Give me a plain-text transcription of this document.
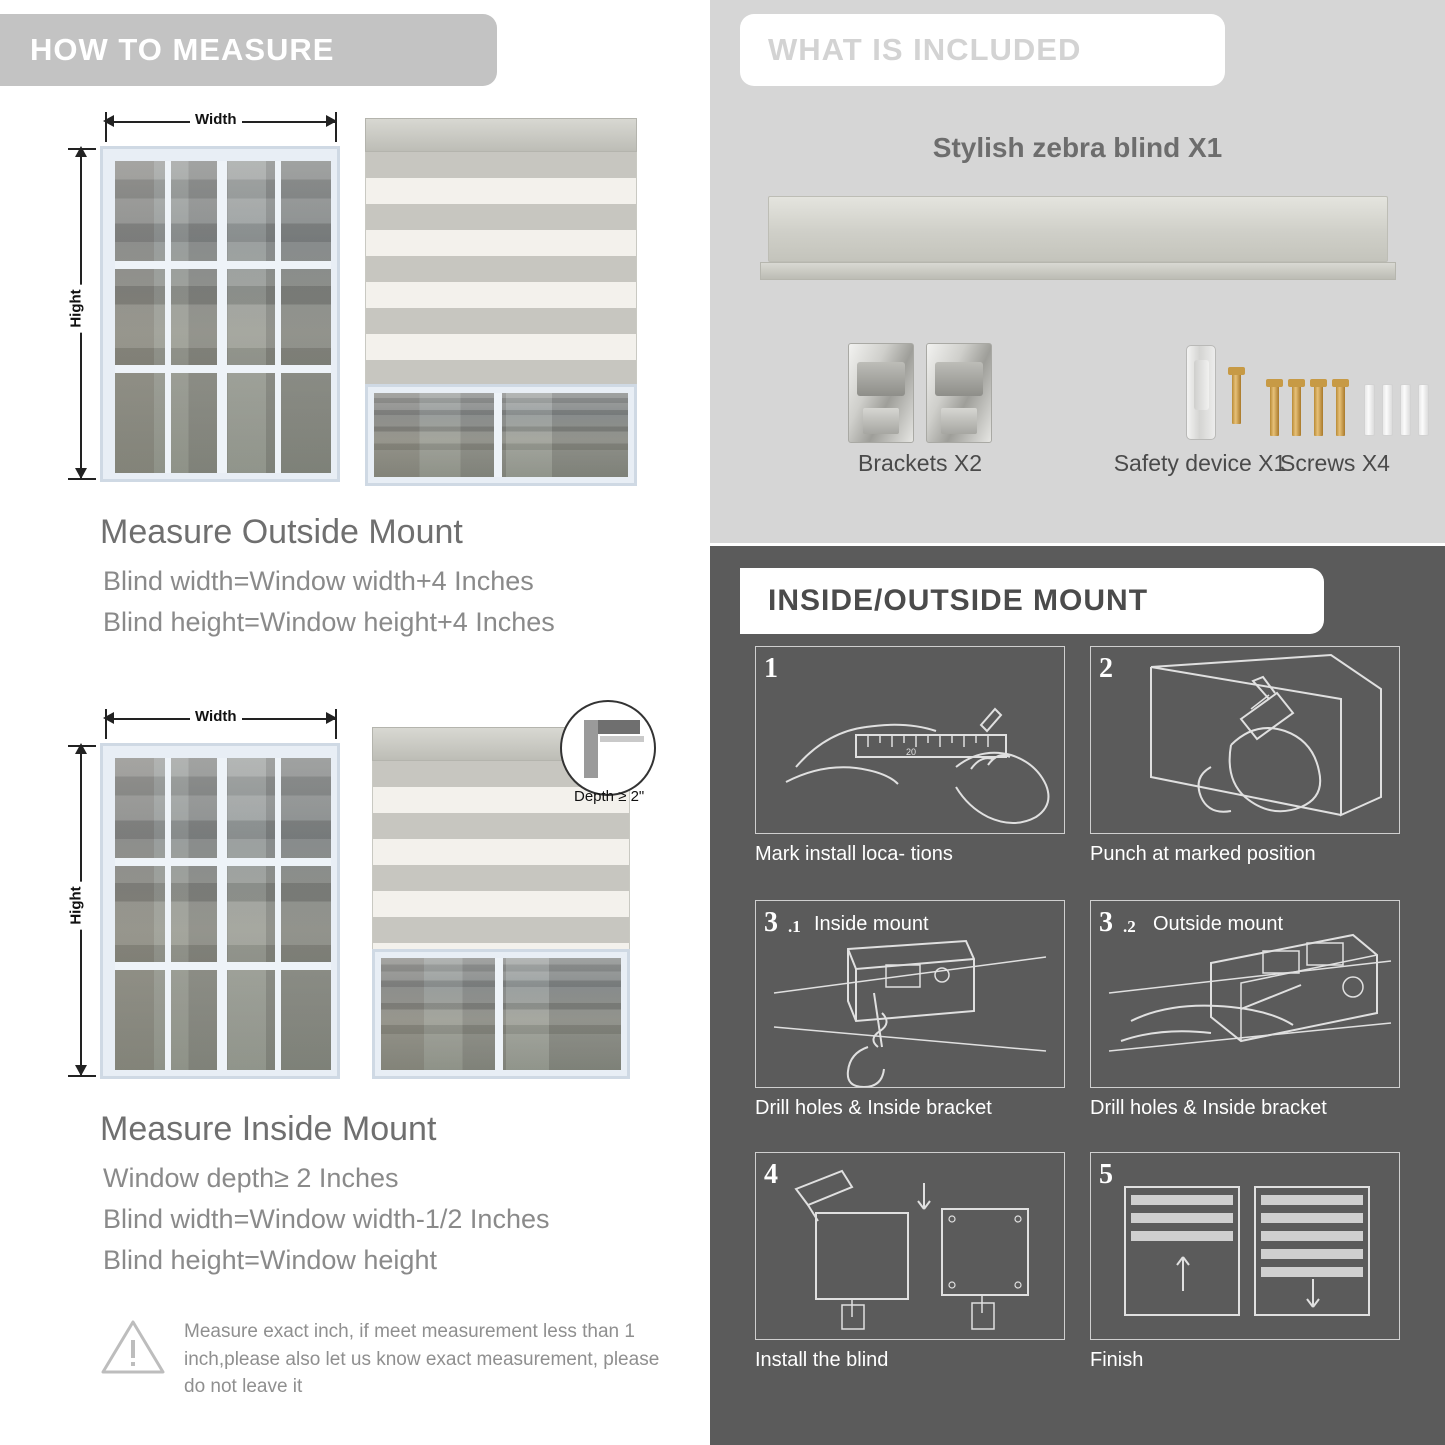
HOW TO MEASURE
Width
Hight
Measure Outside Mount
Blind width=Window width+4 Inches
Blind height=Window height+4 Inches
Width
Hight
Depth ≥ 2"
Measure Inside Mount
Window depth≥ 2 Inches
Blind width=Window width-1/2 Inches
Blind height=Window height
Measure exact inch, if meet measurement less than 1 inch,please also let us know exact measurement, please do not leave it
WHAT IS INCLUDED
Stylish zebra blind X1
Brackets X2	Safety device X1
Screws X4
INSIDE/OUTSIDE MOUNT
1
20
Mark install loca- tions
2
Punch at marked position
3 .1 Inside mount
Drill holes & Inside bracket
3 .2 Outside mount
Drill holes & Inside bracket
4
Install the blind
5
Finish
